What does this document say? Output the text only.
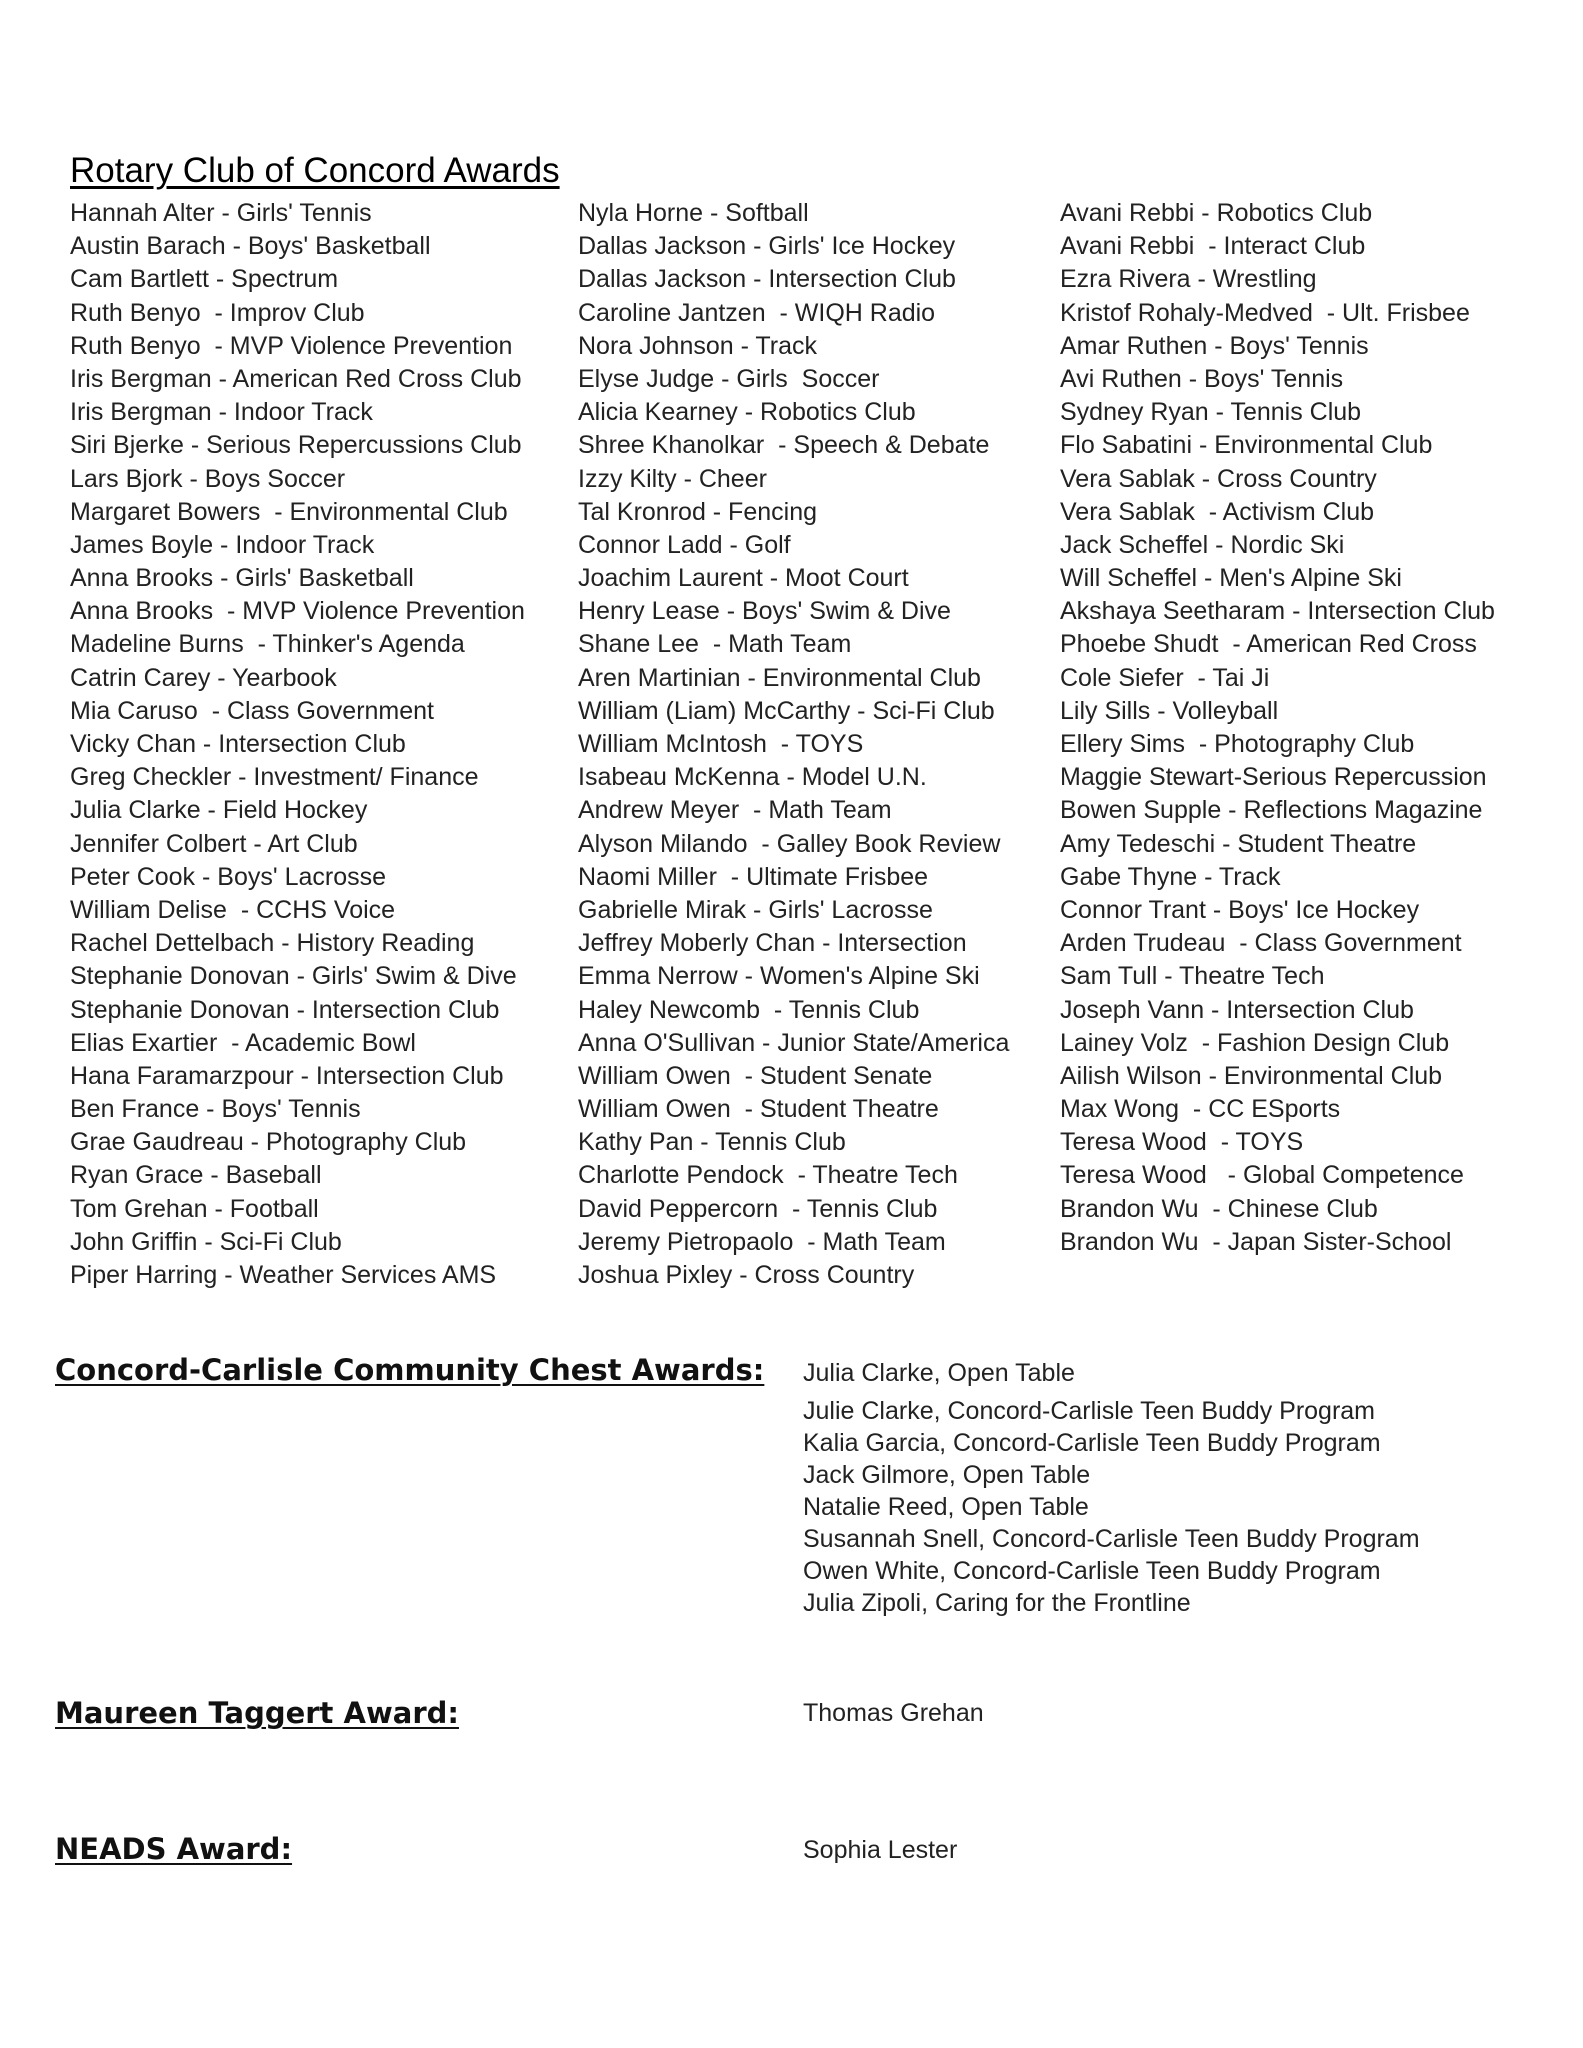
Rotary Club of Concord Awards
Hannah Alter - Girls' Tennis
Austin Barach - Boys' Basketball
Cam Bartlett - Spectrum
Ruth Benyo  - Improv Club
Ruth Benyo  - MVP Violence Prevention
Iris Bergman - American Red Cross Club
Iris Bergman - Indoor Track
Siri Bjerke - Serious Repercussions Club
Lars Bjork - Boys Soccer
Margaret Bowers  - Environmental Club
James Boyle - Indoor Track
Anna Brooks - Girls' Basketball
Anna Brooks  - MVP Violence Prevention
Madeline Burns  - Thinker's Agenda
Catrin Carey - Yearbook
Mia Caruso  - Class Government
Vicky Chan - Intersection Club
Greg Checkler - Investment/ Finance
Julia Clarke - Field Hockey
Jennifer Colbert - Art Club
Peter Cook - Boys' Lacrosse
William Delise  - CCHS Voice
Rachel Dettelbach - History Reading
Stephanie Donovan - Girls' Swim & Dive
Stephanie Donovan - Intersection Club
Elias Exartier  - Academic Bowl
Hana Faramarzpour - Intersection Club
Ben France - Boys' Tennis
Grae Gaudreau - Photography Club
Ryan Grace - Baseball
Tom Grehan - Football
John Griffin - Sci-Fi Club
Piper Harring - Weather Services AMS
Nyla Horne - Softball
Dallas Jackson - Girls' Ice Hockey
Dallas Jackson - Intersection Club
Caroline Jantzen  - WIQH Radio
Nora Johnson - Track
Elyse Judge - Girls  Soccer
Alicia Kearney - Robotics Club
Shree Khanolkar  - Speech & Debate
Izzy Kilty - Cheer
Tal Kronrod - Fencing
Connor Ladd - Golf
Joachim Laurent - Moot Court
Henry Lease - Boys' Swim & Dive
Shane Lee  - Math Team
Aren Martinian - Environmental Club
William (Liam) McCarthy - Sci-Fi Club
William McIntosh  - TOYS
Isabeau McKenna - Model U.N.
Andrew Meyer  - Math Team
Alyson Milando  - Galley Book Review
Naomi Miller  - Ultimate Frisbee
Gabrielle Mirak - Girls' Lacrosse
Jeffrey Moberly Chan - Intersection
Emma Nerrow - Women's Alpine Ski
Haley Newcomb  - Tennis Club
Anna O'Sullivan - Junior State/America
William Owen  - Student Senate
William Owen  - Student Theatre
Kathy Pan - Tennis Club
Charlotte Pendock  - Theatre Tech
David Peppercorn  - Tennis Club
Jeremy Pietropaolo  - Math Team
Joshua Pixley - Cross Country
Avani Rebbi - Robotics Club
Avani Rebbi  - Interact Club
Ezra Rivera - Wrestling
Kristof Rohaly-Medved  - Ult. Frisbee
Amar Ruthen - Boys' Tennis
Avi Ruthen - Boys' Tennis
Sydney Ryan - Tennis Club
Flo Sabatini - Environmental Club
Vera Sablak - Cross Country
Vera Sablak  - Activism Club
Jack Scheffel - Nordic Ski
Will Scheffel - Men's Alpine Ski
Akshaya Seetharam - Intersection Club
Phoebe Shudt  - American Red Cross
Cole Siefer  - Tai Ji
Lily Sills - Volleyball
Ellery Sims  - Photography Club
Maggie Stewart-Serious Repercussion
Bowen Supple - Reflections Magazine
Amy Tedeschi - Student Theatre
Gabe Thyne - Track
Connor Trant - Boys' Ice Hockey
Arden Trudeau  - Class Government
Sam Tull - Theatre Tech
Joseph Vann - Intersection Club
Lainey Volz  - Fashion Design Club
Ailish Wilson - Environmental Club
Max Wong  - CC ESports
Teresa Wood  - TOYS
Teresa Wood   - Global Competence
Brandon Wu  - Chinese Club
Brandon Wu  - Japan Sister-School
Concord-Carlisle Community Chest Awards: Julia Clarke, Open Table
Julie Clarke, Concord-Carlisle Teen Buddy Program
Kalia Garcia, Concord-Carlisle Teen Buddy Program
Jack Gilmore, Open Table
Natalie Reed, Open Table
Susannah Snell, Concord-Carlisle Teen Buddy Program
Owen White, Concord-Carlisle Teen Buddy Program
Julia Zipoli, Caring for the Frontline
Maureen Taggert Award:	Thomas Grehan
NEADS Award:	Sophia Lester
